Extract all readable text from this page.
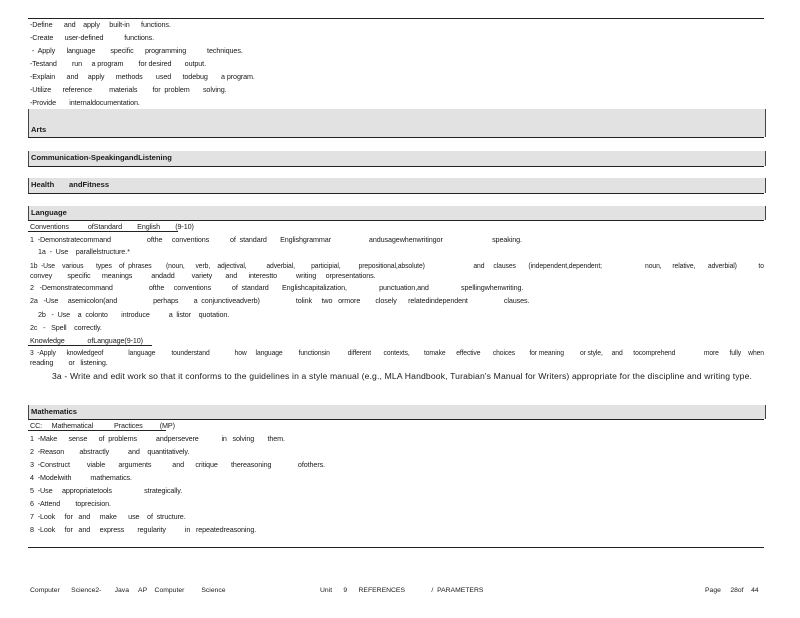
-Define      and    apply     built-in      functions.
-Create      user-defined           functions.
-  Apply      language        specific      programming           techniques.
-Testand        run     a program        for desired       output.
-Explain      and     apply      methods       used      todebug       a program.
-Utilize      reference         materials        for  problem       solving.
-Provide       internaldocumentation.
Arts
Communication-SpeakingandListening
Health       andFitness
Language
Conventions          ofStandard        English        (9-10)
1  -Demonstratecommand                   ofthe     conventions           of  standard       Englishgrammar                    andusagewhenwritingor                          speaking.
1a  -  Use    parallelstructure.*
1b  -Use    various       types    of  phrases        (noun,      verb,    adjectival,           adverbial,         participial,          prepositional,absolute)                           and     clauses       (independent,dependent;                        noun,      relative,       adverbial)            to
convey        specific      meanings          andadd         variety       and      interestto          writing     orpresentations.
2   -Demonstratecommand                   ofthe     conventions           of  standard       Englishcapitalization,                 punctuation,and                 spellingwhenwriting.
2a   -Use     asemicolon(and                   perhaps        a  conjunctiveadverb)                   tolink     two   ormore        closely      relatedindependent                   clauses.
2b   -  Use    a  colonto       introduce          a  listor    quotation.
2c   -   Spell    correctly.
Knowledge            ofLanguage(9-10)
3  -Apply      knowledgeof              language         tounderstand              how     language         functionsin          different       contexts,        tomake      effective       choices        for meaning         or style,     and      tocomprehend                more      fully    when
reading        or   listening.
3a - Write and edit work so that it conforms to the guidelines in a style manual (e.g., MLA Handbook, Turabian's Manual for Writers) appropriate for the discipline and writing type.
Mathematics
CC:     Mathematical           Practices         (MP)
1  -Make      sense      of  problems          andpersevere            in   solving       them.
2  -Reason        abstractly          and    quantitatively.
3  -Construct         viable       arguments           and      critique       thereasoning              ofothers.
4  -Modelwith          mathematics.
5  -Use     appropriatetools                 strategically.
6  -Attend        toprecision.
7  -Look     for   and     make      use    of  structure.
8  -Look     for   and     express       regularity          in   repeatedreasoning.
Computer      Science2-       Java     AP    Computer         Science	Unit      9      REFERENCES              /  PARAMETERS	Page     28of    44
